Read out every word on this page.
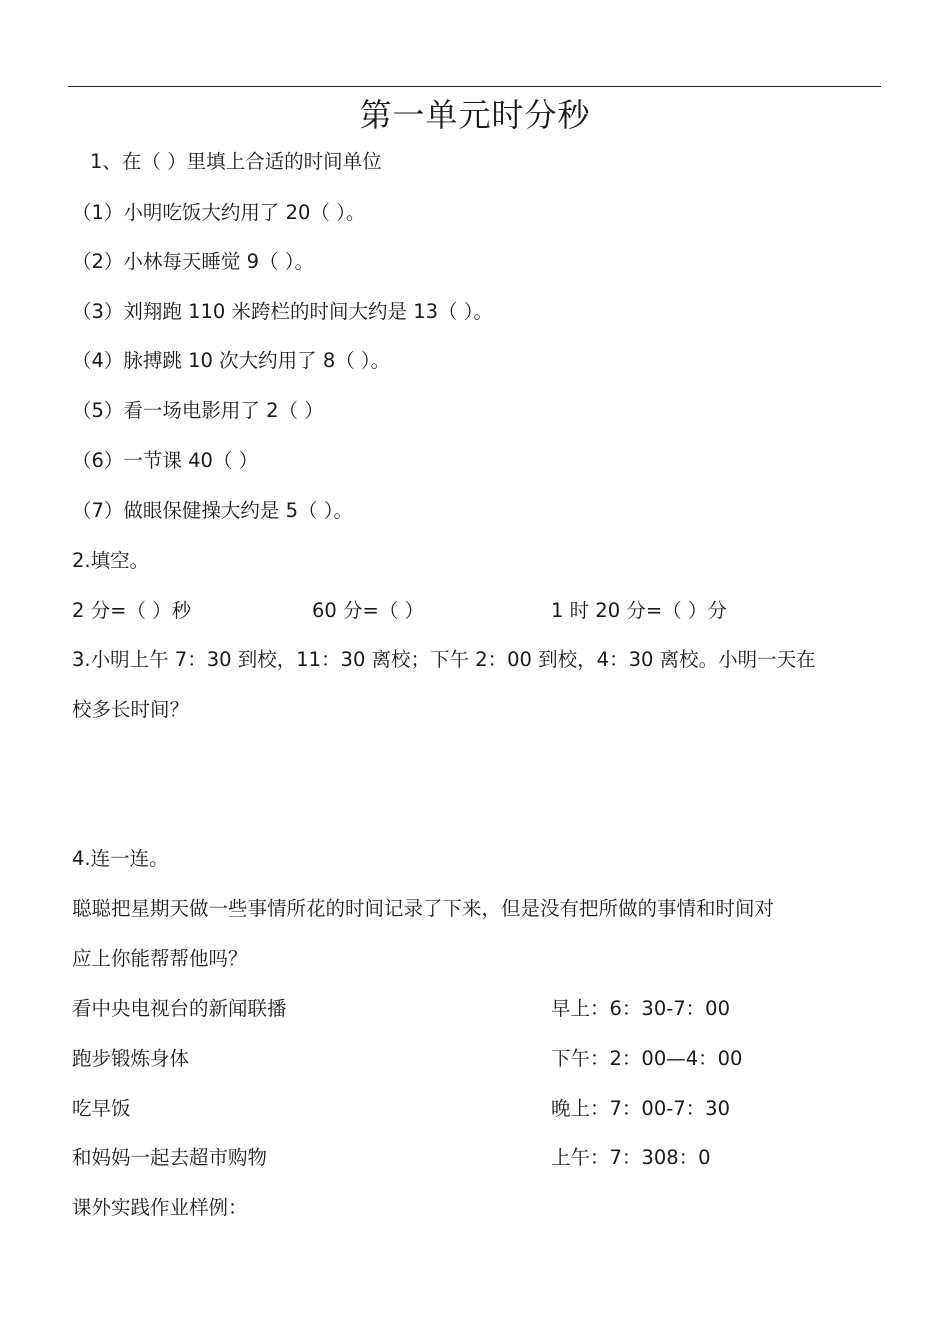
第一单元时分秒
1、在（ ）里填上合适的时间单位
（1）小明吃饭大约用了 20（ ）。
（2）小林每天睡觉 9（ ）。
（3）刘翔跑 110 米跨栏的时间大约是 13（ ）。
（4）脉搏跳 10 次大约用了 8（ ）。
（5）看一场电影用了 2（ ）
（6）一节课 40（ ）
（7）做眼保健操大约是 5（ ）。
2.填空。
2 分=（ ）秒	60 分=（ ）	1 时 20 分=（ ）分
3.小明上午 7：30 到校，11：30 离校；下午 2：00 到校，4：30 离校。小明一天在
校多长时间？
4.连一连。
聪聪把星期天做一些事情所花的时间记录了下来，但是没有把所做的事情和时间对
应上你能帮帮他吗？
看中央电视台的新闻联播	早上：6：30-7：00
跑步锻炼身体	下午：2：00—4：00
吃早饭	晚上：7：00-7：30
和妈妈一起去超市购物	上午：7：308：0
课外实践作业样例：
